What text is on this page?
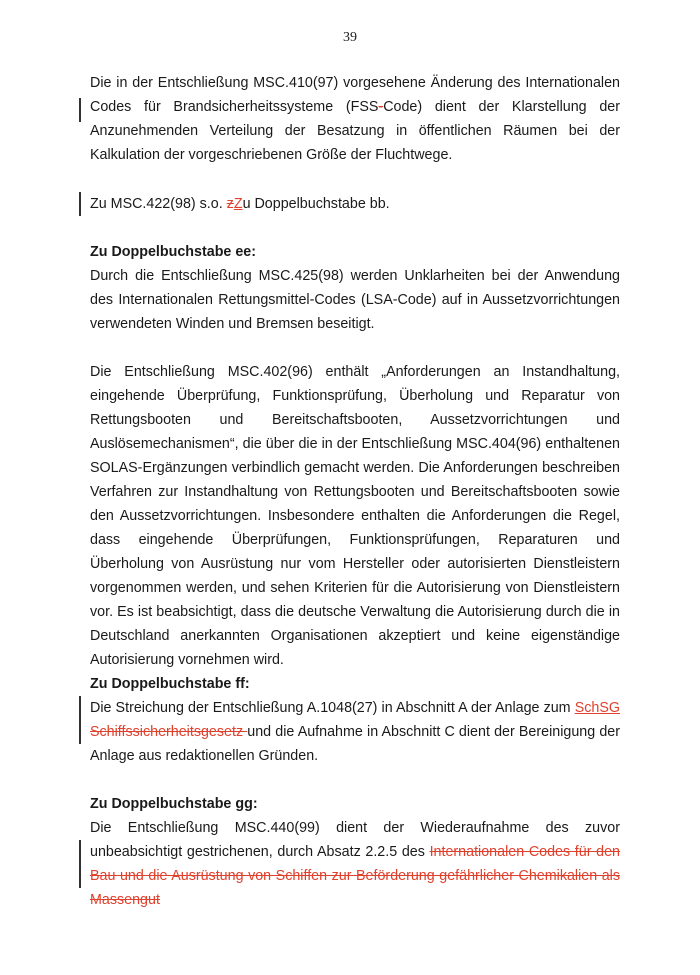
39

Die in der Entschließung MSC.410(97) vorgesehene Änderung des Internationalen Codes für Brandsicherheitssysteme (FSS-Code) dient der Klarstellung der Anzunehmenden Verteilung der Besatzung in öffentlichen Räumen bei der Kalkulation der vorgeschriebenen Größe der Fluchtwege.

Zu MSC.422(98) s.o. zZu Doppelbuchstabe bb.

Zu Doppelbuchstabe ee:

Durch die Entschließung MSC.425(98) werden Unklarheiten bei der Anwendung des Internationalen Rettungsmittel-Codes (LSA-Code) auf in Aussetzvorrichtungen verwendeten Winden und Bremsen beseitigt.

Die Entschließung MSC.402(96) enthält „Anforderungen an Instandhaltung, eingehende Überprüfung, Funktionsprüfung, Überholung und Reparatur von Rettungsbooten und Bereitschaftsbooten, Aussetzvorrichtungen und Auslösemechanismen“, die über die in der Entschließung MSC.404(96) enthaltenen SOLAS-Ergänzungen verbindlich gemacht werden. Die Anforderungen beschreiben Verfahren zur Instandhaltung von Rettungsbooten und Bereitschaftsbooten sowie den Aussetzvorrichtungen. Insbesondere enthalten die Anforderungen die Regel, dass eingehende Überprüfungen, Funktionsprüfungen, Reparaturen und Überholung von Ausrüstung nur vom Hersteller oder autorisierten Dienstleistern vorgenommen werden, und sehen Kriterien für die Autorisierung von Dienstleistern vor. Es ist beabsichtigt, dass die deutsche Verwaltung die Autorisierung durch die in Deutschland anerkannten Organisationen akzeptiert und keine eigenständige Autorisierung vornehmen wird.

Zu Doppelbuchstabe ff:

Die Streichung der Entschließung A.1048(27) in Abschnitt A der Anlage zum SchSG Schiffssicherheitsgesetz und die Aufnahme in Abschnitt C dient der Bereinigung der Anlage aus redaktionellen Gründen.

Zu Doppelbuchstabe gg:

Die Entschließung MSC.440(99) dient der Wiederaufnahme des zuvor unbeabsichtigt gestrichenen, durch Absatz 2.2.5 des Internationalen Codes für den Bau und die Ausrüstung von Schiffen zur Beförderung gefährlicher Chemikalien als Massengut
